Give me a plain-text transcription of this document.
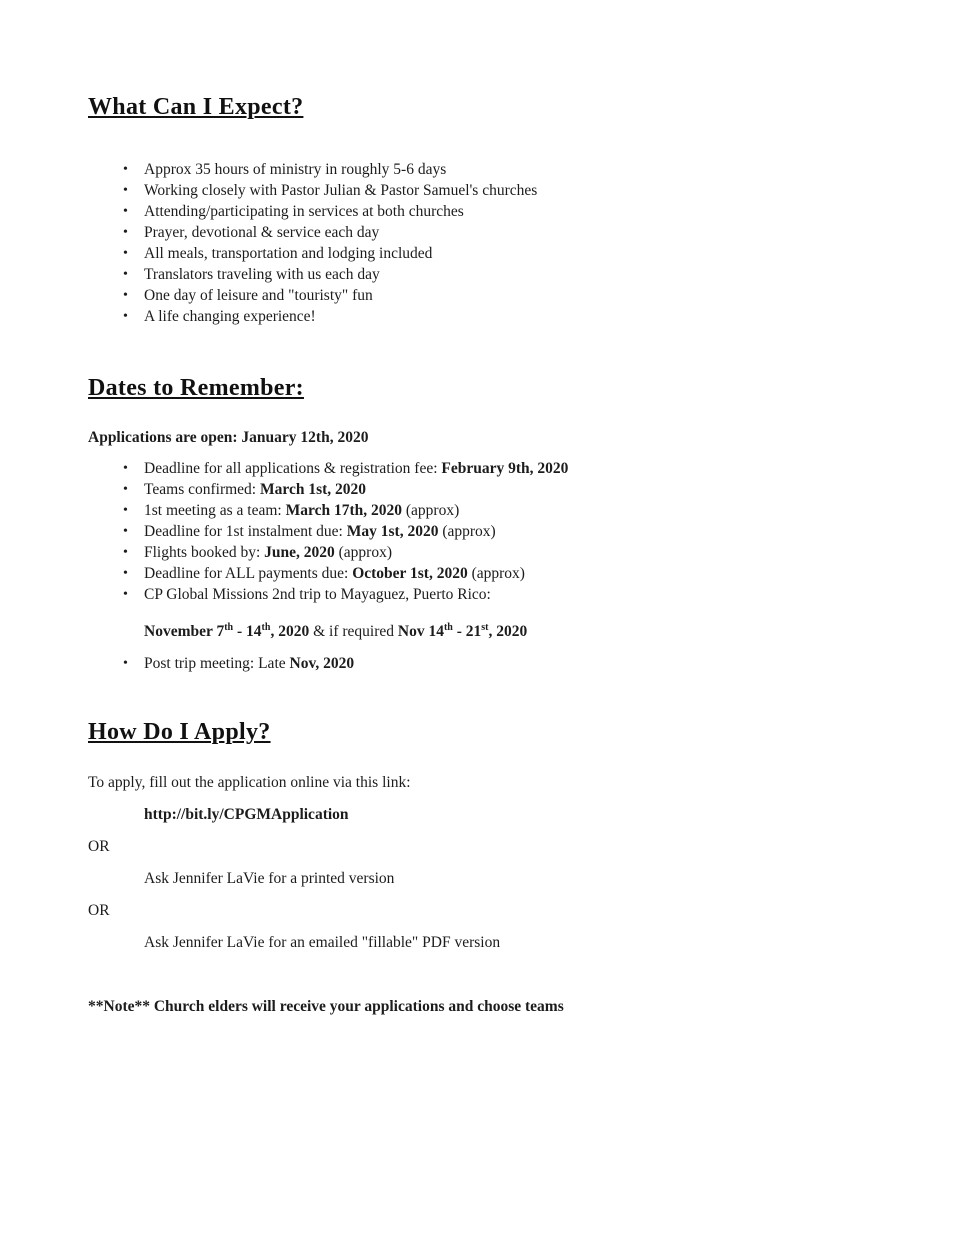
What Can I Expect?
• Approx 35 hours of ministry in roughly 5-6 days
• Working closely with Pastor Julian & Pastor Samuel's churches
• Attending/participating in services at both churches
• Prayer, devotional & service each day
• All meals, transportation and lodging included
• Translators traveling with us each day
• One day of leisure and "touristy" fun
• A life changing experience!
Dates to Remember:

Applications are open: January 12th, 2020

• Deadline for all applications & registration fee: February 9th, 2020
• Teams confirmed: March 1st, 2020
• 1st meeting as a team: March 17th, 2020 (approx)
• Deadline for 1st instalment due: May 1st, 2020 (approx)
• Flights booked by: June, 2020 (approx)
• Deadline for ALL payments due: October 1st, 2020 (approx)
• CP Global Missions 2nd trip to Mayaguez, Puerto Rico:

November 7th - 14th, 2020 & if required Nov 14th - 21st, 2020

• Post trip meeting: Late Nov, 2020
How Do I Apply?

To apply, fill out the application online via this link:

http://bit.ly/CPGMApplication

OR

Ask Jennifer LaVie for a printed version

OR

Ask Jennifer LaVie for an emailed "fillable" PDF version

**Note** Church elders will receive your applications and choose teams
